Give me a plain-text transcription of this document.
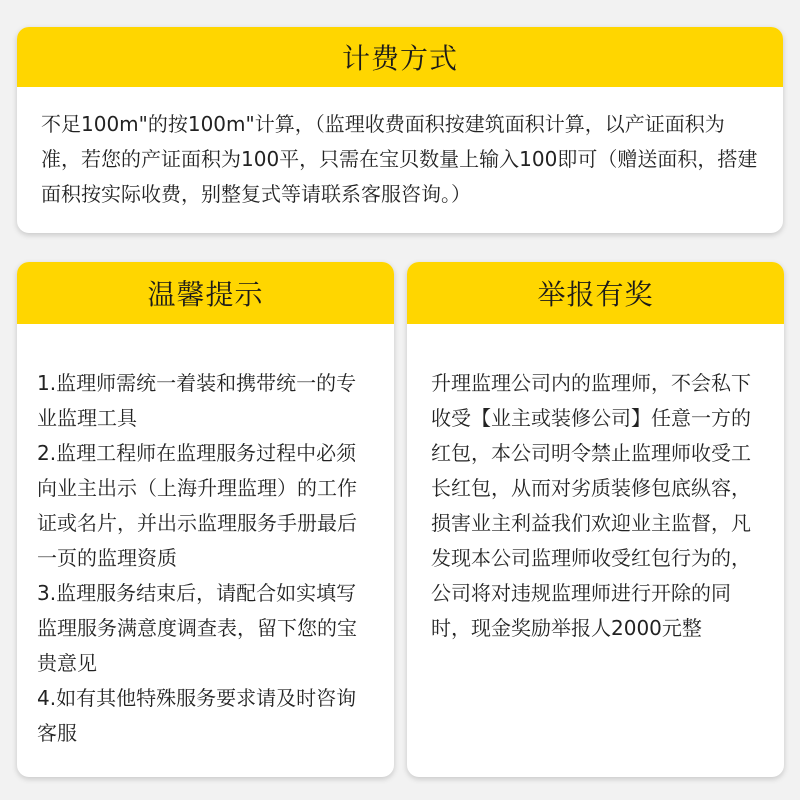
计费方式

不足100m"的按100m"计算，（监理收费面积按建筑面积计算，以产证面积为准，若您的产证面积为100平，只需在宝贝数量上输入100即可（赠送面积，搭建面积按实际收费，别整复式等请联系客服咨询。）

温馨提示

1.监理师需统一着装和携带统一的专业监理工具

2.监理工程师在监理服务过程中必须向业主出示（上海升理监理）的工作证或名片，并出示监理服务手册最后一页的监理资质

3.监理服务结束后，请配合如实填写监理服务满意度调查表，留下您的宝贵意见

4.如有其他特殊服务要求请及时咨询客服

举报有奖

升理监理公司内的监理师，不会私下收受【业主或装修公司】任意一方的红包，本公司明令禁止监理师收受工长红包，从而对劣质装修包底纵容，损害业主利益我们欢迎业主监督，凡发现本公司监理师收受红包行为的，公司将对违规监理师进行开除的同时，现金奖励举报人2000元整
